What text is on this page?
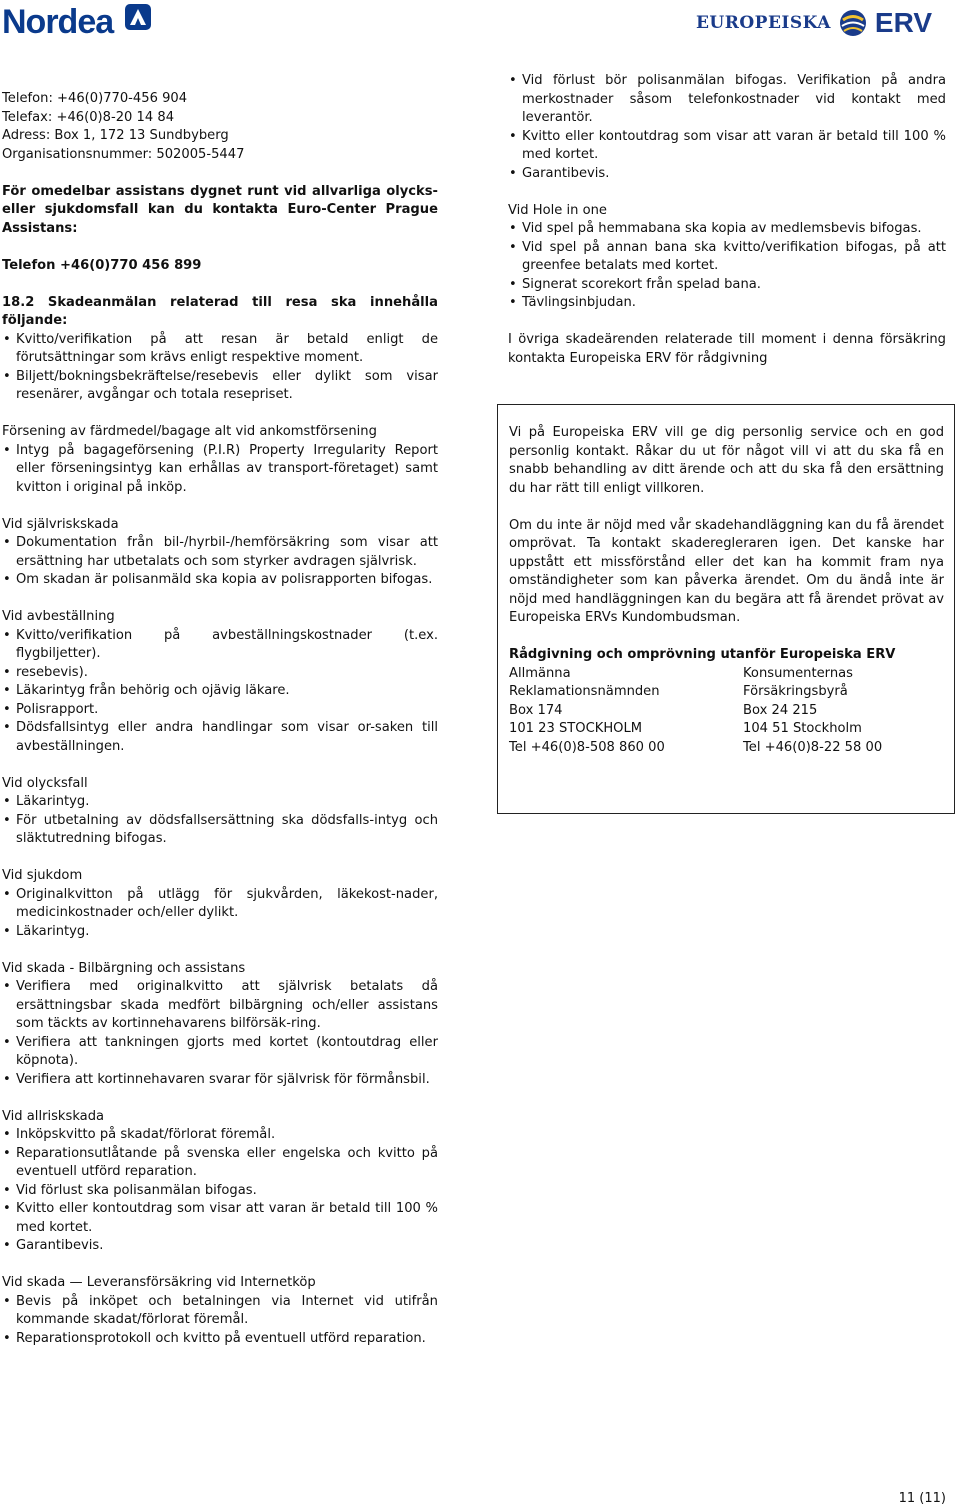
Nordea	EUROPEISKA ERV

Telefon: +46(0)770-456 904

Telefax: +46(0)8-20 14 84

Adress: Box 1, 172 13 Sundbyberg

Organisationsnummer: 502005-5447

För omedelbar assistans dygnet runt vid allvarliga olycks- eller sjukdomsfall kan du kontakta Euro-Center Prague Assistans:

Telefon +46(0)770 456 899

18.2 Skadeanmälan relaterad till resa ska innehålla följande:

• Kvitto/verifikation på att resan är betald enligt de förutsättningar som krävs enligt respektive moment.
• Biljett/bokningsbekräftelse/resebevis eller dylikt som visar resenärer, avgångar och totala resepriset.

Försening av färdmedel/bagage alt vid ankomstförsening

• Intyg på bagageförsening (P.I.R) Property Irregularity Report eller förseningsintyg kan erhållas av transport-företaget) samt kvitton i original på inköp.

Vid självriskskada

• Dokumentation från bil-/hyrbil-/hemförsäkring som visar att ersättning har utbetalats och som styrker avdragen självrisk.
• Om skadan är polisanmäld ska kopia av polisrapporten bifogas.

Vid avbeställning

• Kvitto/verifikation på avbeställningskostnader (t.ex. flygbiljetter).
• resebevis).
• Läkarintyg från behörig och ojävig läkare.
• Polisrapport.
• Dödsfallsintyg eller andra handlingar som visar or-saken till avbeställningen.

Vid olycksfall

• Läkarintyg.
• För utbetalning av dödsfallsersättning ska dödsfalls-intyg och släktutredning bifogas.

Vid sjukdom

• Originalkvitton på utlägg för sjukvården, läkekost-nader, medicinkostnader och/eller dylikt.
• Läkarintyg.

Vid skada - Bilbärgning och assistans

• Verifiera med originalkvitto att självrisk betalats då ersättningsbar skada medfört bilbärgning och/eller assistans som täckts av kortinnehavarens bilförsäk-ring.
• Verifiera att tankningen gjorts med kortet (kontoutdrag eller köpnota).
• Verifiera att kortinnehavaren svarar för självrisk för förmånsbil.

Vid allriskskada

• Inköpskvitto på skadat/förlorat föremål.
• Reparationsutlåtande på svenska eller engelska och kvitto på eventuell utförd reparation.
• Vid förlust ska polisanmälan bifogas.
• Kvitto eller kontoutdrag som visar att varan är betald till 100 % med kortet.
• Garantibevis.

Vid skada — Leveransförsäkring vid Internetköp

• Bevis på inköpet och betalningen via Internet vid utifrån kommande skadat/förlorat föremål.
• Reparationsprotokoll och kvitto på eventuell utförd reparation.
• Vid förlust bör polisanmälan bifogas. Verifikation på andra merkostnader såsom telefonkostnader vid kontakt med leverantör.
• Kvitto eller kontoutdrag som visar att varan är betald till 100 % med kortet.
• Garantibevis.

Vid Hole in one

• Vid spel på hemmabana ska kopia av medlemsbevis bifogas.
• Vid spel på annan bana ska kvitto/verifikation bifogas, på att greenfee betalats med kortet.
• Signerat scorekort från spelad bana.
• Tävlingsinbjudan.

I övriga skadeärenden relaterade till moment i denna försäkring kontakta Europeiska ERV för rådgivning

Vi på Europeiska ERV vill ge dig personlig service och en god personlig kontakt. Råkar du ut för något vill vi att du ska få en snabb behandling av ditt ärende och att du ska få den ersättning du har rätt till enligt villkoren.

Om du inte är nöjd med vår skadehandläggning kan du få ärendet omprövat. Ta kontakt skaderegleraren igen. Det kanske har uppstått ett missförstånd eller det kan ha kommit fram nya omständigheter som kan påverka ärendet. Om du ändå inte är nöjd med handläggningen kan du begära att få ärendet prövat av Europeiska ERVs Kundombudsman.

Rådgivning och omprövning utanför Europeiska ERV

Allmänna	Konsumenternas
Reklamationsnämnden	Försäkringsbyrå
Box 174	Box 24 215
101 23 STOCKHOLM	104 51 Stockholm
Tel +46(0)8-508 860 00	Tel +46(0)8-22 58 00
11 (11)
